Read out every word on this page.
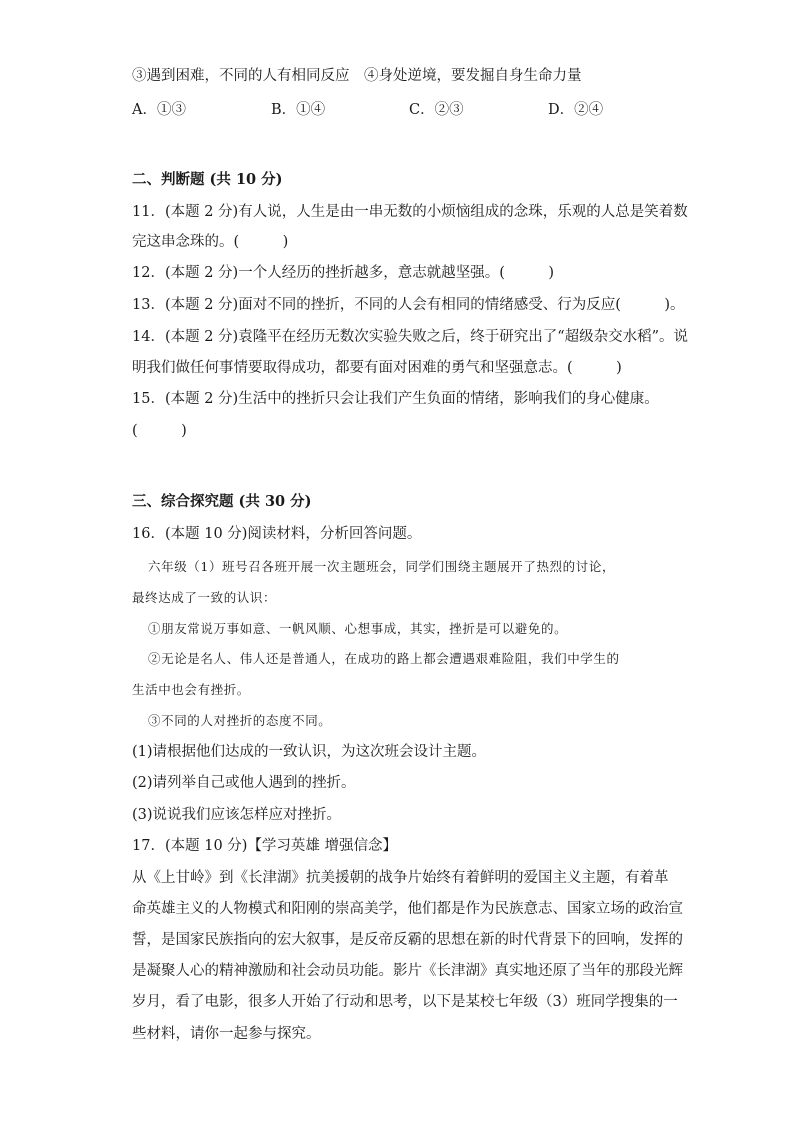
③遇到困难，不同的人有相同反应　④身处逆境，要发掘自身生命力量
A．①③	B．①④	C．②③	D．②④
二、判断题 (共 10 分)
11．(本题 2 分)有人说，人生是由一串无数的小烦恼组成的念珠，乐观的人总是笑着数
完这串念珠的。(　　　)
12．(本题 2 分)一个人经历的挫折越多，意志就越坚强。(　　　)
13．(本题 2 分)面对不同的挫折，不同的人会有相同的情绪感受、行为反应(　　　)。
14．(本题 2 分)袁隆平在经历无数次实验失败之后，终于研究出了“超级杂交水稻”。说
明我们做任何事情要取得成功，都要有面对困难的勇气和坚强意志。(　　　)
15．(本题 2 分)生活中的挫折只会让我们产生负面的情绪，影响我们的身心健康。
(　　　)
三、综合探究题 (共 30 分)
16．(本题 10 分)阅读材料，分析回答问题。
六年级（1）班号召各班开展一次主题班会，同学们围绕主题展开了热烈的讨论，
最终达成了一致的认识：
①朋友常说万事如意、一帆风顺、心想事成，其实，挫折是可以避免的。
②无论是名人、伟人还是普通人，在成功的路上都会遭遇艰难险阻，我们中学生的
生活中也会有挫折。
③不同的人对挫折的态度不同。
(1)请根据他们达成的一致认识，为这次班会设计主题。
(2)请列举自己或他人遇到的挫折。
(3)说说我们应该怎样应对挫折。
17．(本题 10 分)【学习英雄 增强信念】
从《上甘岭》到《长津湖》抗美援朝的战争片始终有着鲜明的爱国主义主题，有着革
命英雄主义的人物模式和阳刚的崇高美学，他们都是作为民族意志、国家立场的政治宣
誓，是国家民族指向的宏大叙事，是反帝反霸的思想在新的时代背景下的回响，发挥的
是凝聚人心的精神激励和社会动员功能。影片《长津湖》真实地还原了当年的那段光辉
岁月，看了电影，很多人开始了行动和思考，以下是某校七年级（3）班同学搜集的一
些材料，请你一起参与探究。
